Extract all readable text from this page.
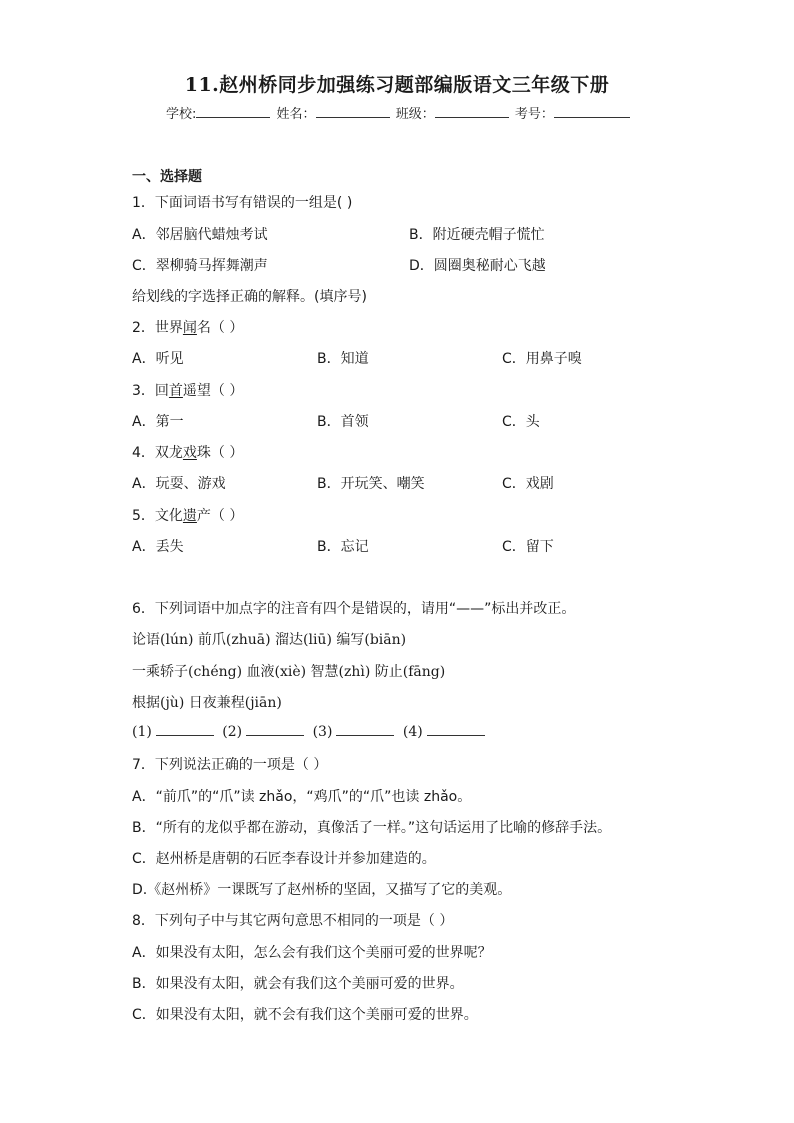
11.赵州桥同步加强练习题部编版语文三年级下册
学校:	姓名：	班级：	考号：
一、选择题
1．下面词语书写有错误的一组是( )
A．邻居脑代蜡烛考试	B．附近硬壳帽子慌忙
C．翠柳骑马挥舞潮声	D．圆圈奥秘耐心飞越
给划线的字选择正确的解释。(填序号)
2．世界闻名（ ）
A．听见	B．知道	C．用鼻子嗅
3．回首遥望（ ）
A．第一	B．首领	C．头
4．双龙戏珠（ ）
A．玩耍、游戏	B．开玩笑、嘲笑	C．戏剧
5．文化遗产（ ）
A．丢失	B．忘记	C．留下
6．下列词语中加点字的注音有四个是错误的，请用“——”标出并改正。
论语(lún) 前爪(zhuā) 溜达(liū) 编写(biān)
一乘轿子(chéng) 血液(xiè) 智慧(zhì) 防止(fāng)
根据(jù) 日夜兼程(jiān)
(1)	(2)	(3)	(4)
7．下列说法正确的一项是（ ）
A．“前爪”的“爪”读 zhǎo，“鸡爪”的“爪”也读 zhǎo。
B．“所有的龙似乎都在游动，真像活了一样。”这句话运用了比喻的修辞手法。
C．赵州桥是唐朝的石匠李春设计并参加建造的。
D.《赵州桥》一课既写了赵州桥的坚固，又描写了它的美观。
8．下列句子中与其它两句意思不相同的一项是（ ）
A．如果没有太阳，怎么会有我们这个美丽可爱的世界呢？
B．如果没有太阳，就会有我们这个美丽可爱的世界。
C．如果没有太阳，就不会有我们这个美丽可爱的世界。
